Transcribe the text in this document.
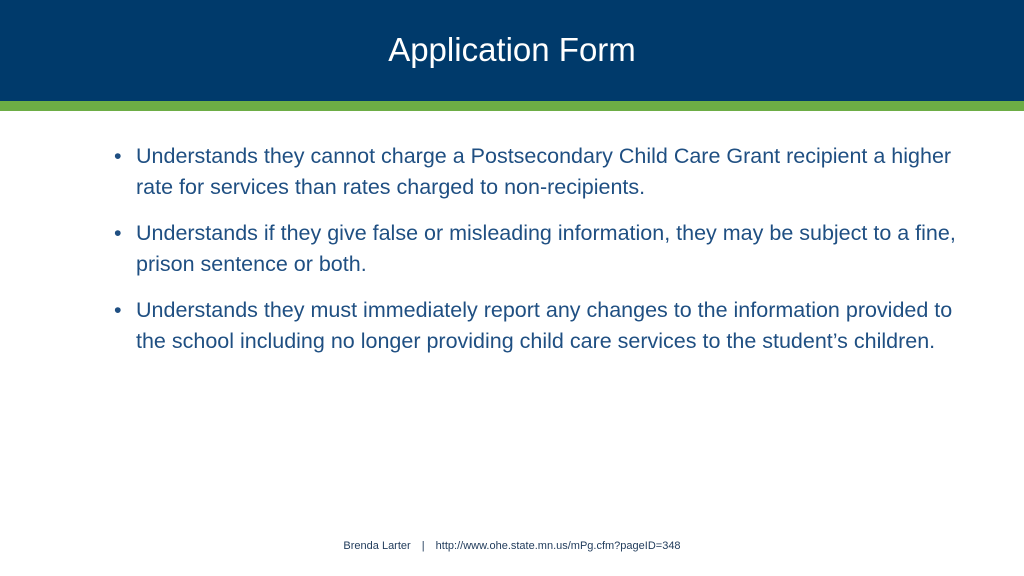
Application Form
• Understands they cannot charge a Postsecondary Child Care Grant recipient a higher rate for services than rates charged to non-recipients.
• Understands if they give false or misleading information, they may be subject to a fine, prison sentence or both.
• Understands they must immediately report any changes to the information provided to the school including no longer providing child care services to the student’s children.
Brenda Larter | http://www.ohe.state.mn.us/mPg.cfm?pageID=348
